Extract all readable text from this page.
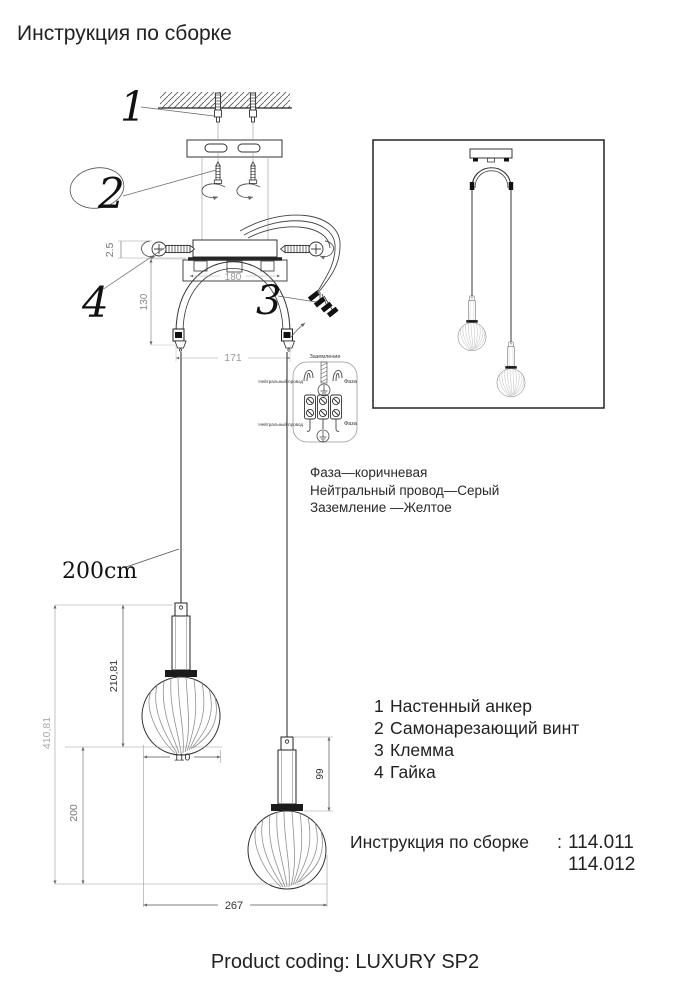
Инструкция по сборке
1
2
2.5
4
180
130
171
3
Заземление
Нейтральный провод
Нейтральный провод
Фаза
Фаза
200cm
210,81
410,81
200
110
99
267
Фаза—коричневая
Нейтральный провод—Серый
Заземление —Желтое
1 Настенный анкер
2 Самонарезающий винт
3 Клемма
4 Гайка
Инструкция по сборке : 114.011
114.012
Product coding: LUXURY SP2
